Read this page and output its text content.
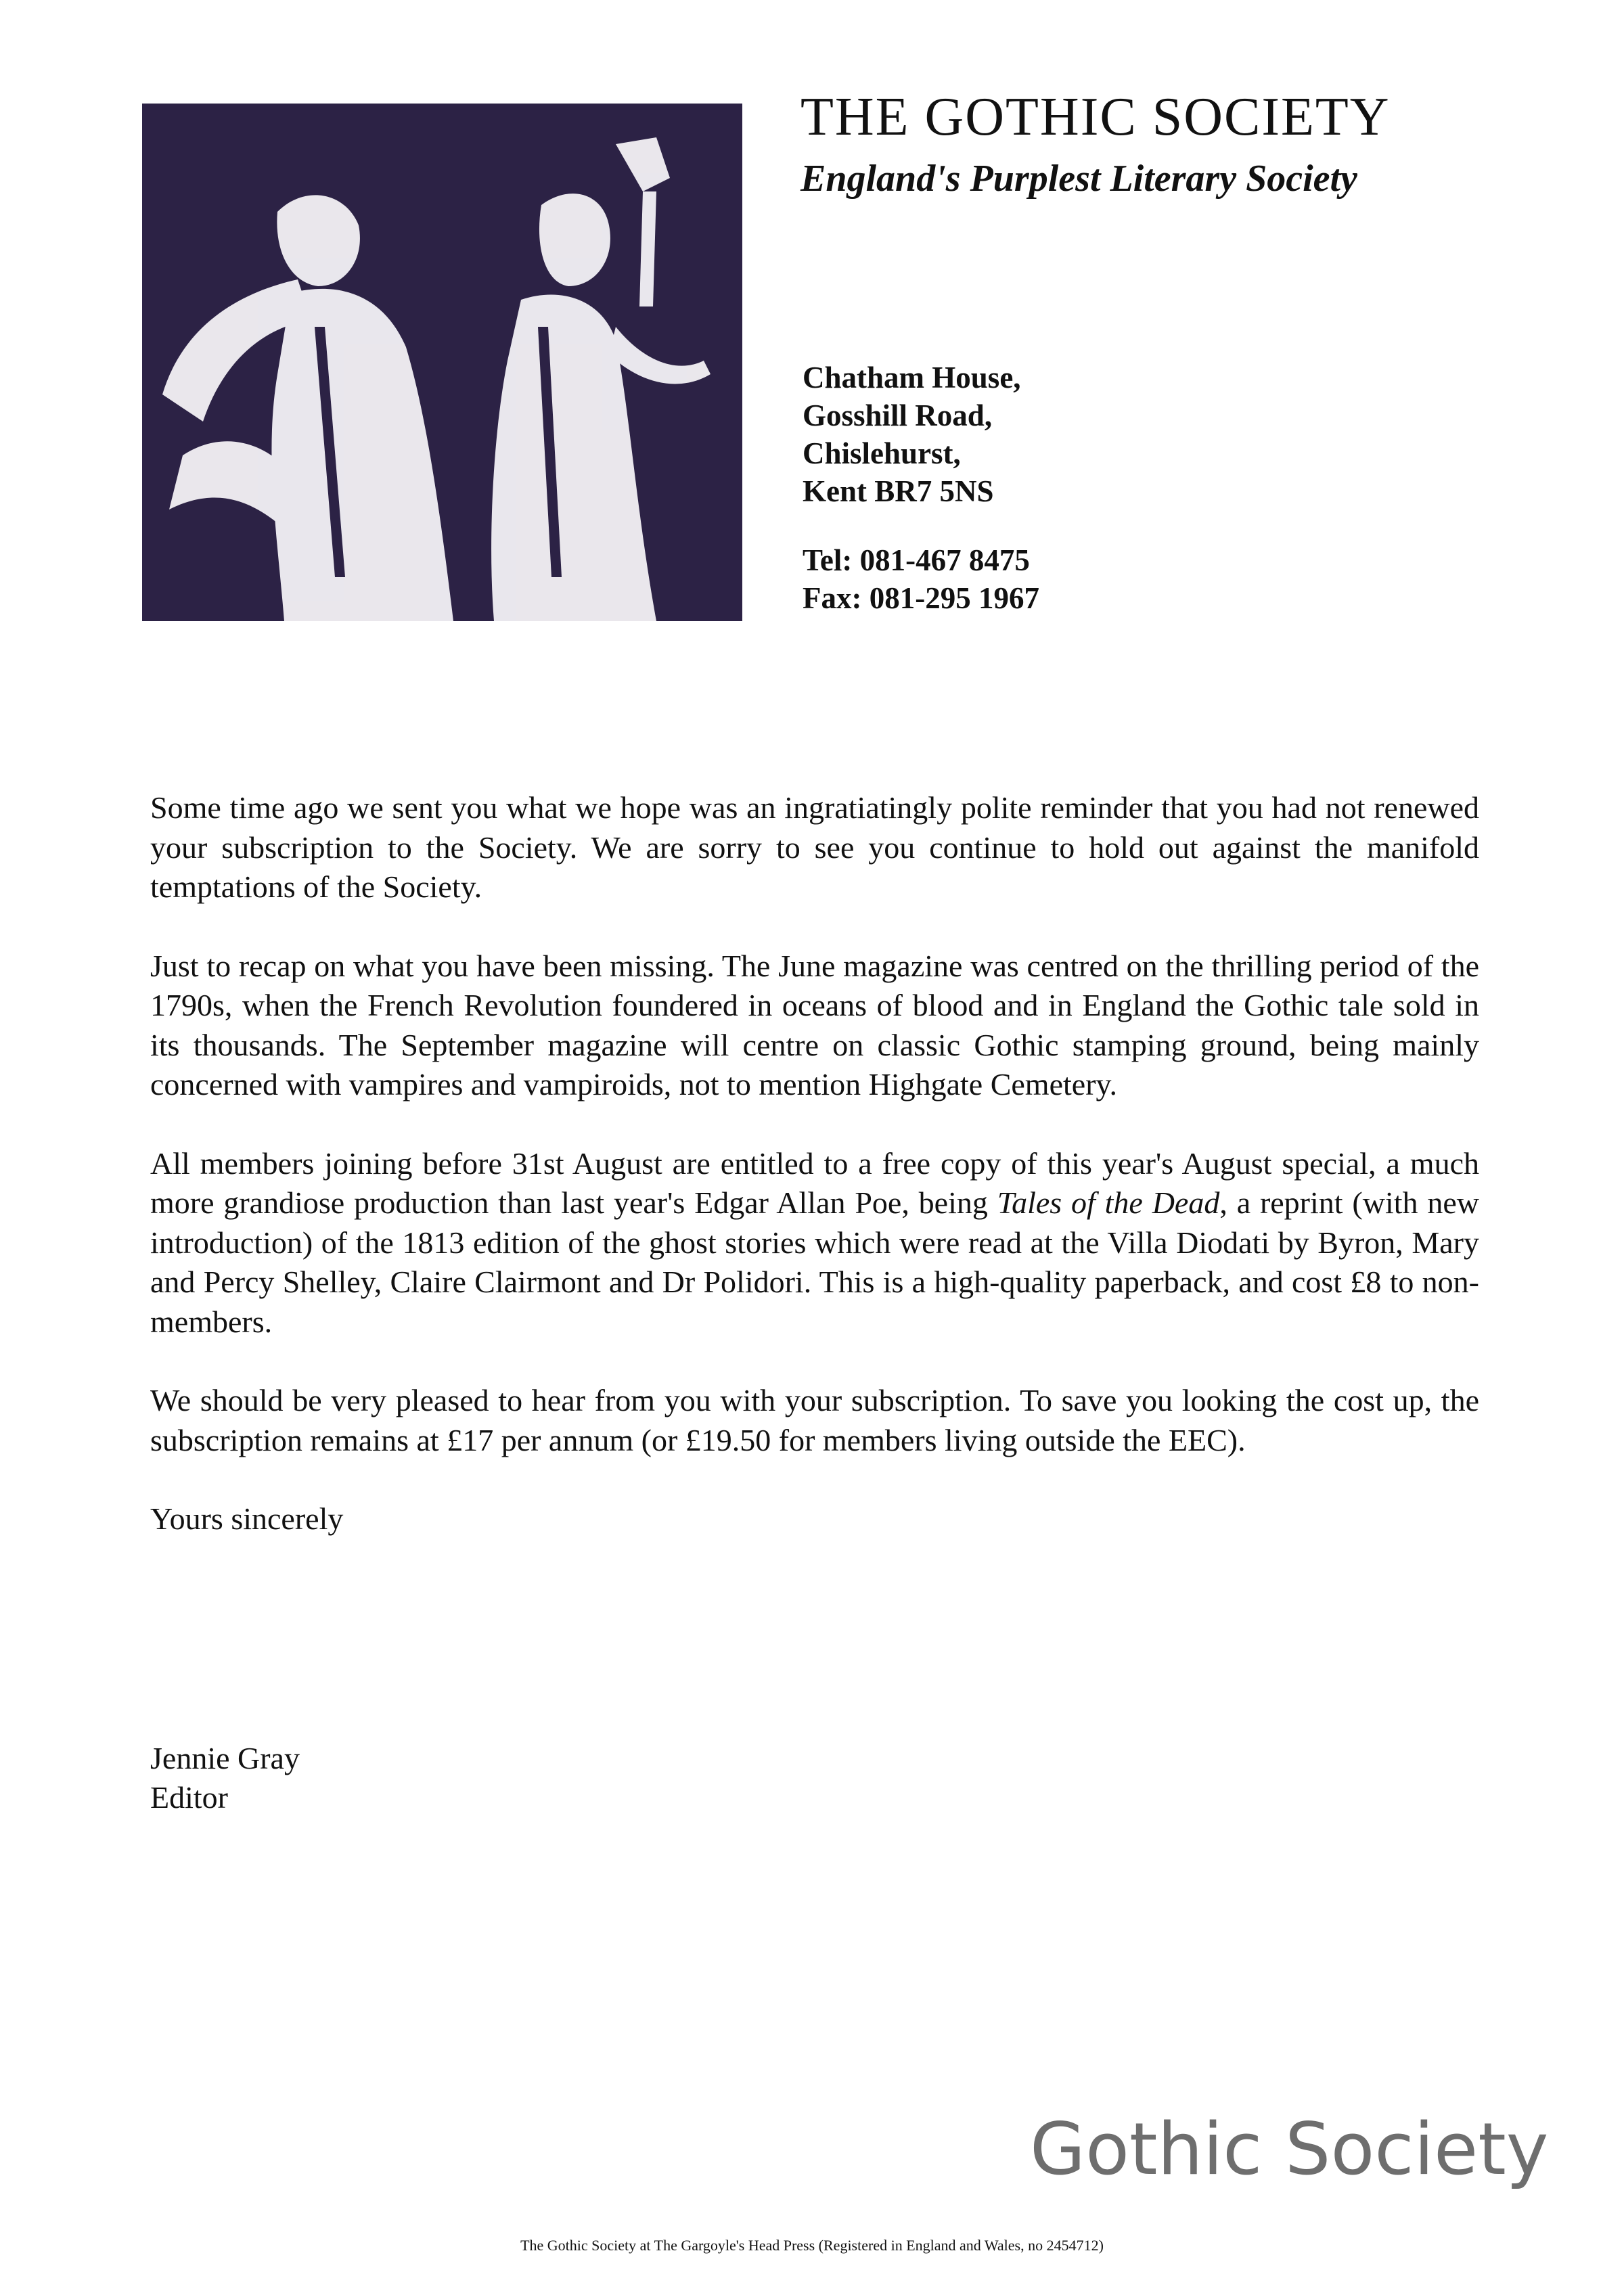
THE GOTHIC SOCIETY
England's Purplest Literary Society
Chatham House,
Gosshill Road,
Chislehurst,
Kent BR7 5NS
Tel: 081-467 8475
Fax: 081-295 1967

Some time ago we sent you what we hope was an ingratiatingly polite reminder that you had not renewed your subscription to the Society. We are sorry to see you continue to hold out against the manifold temptations of the Society.

Just to recap on what you have been missing. The June magazine was centred on the thrilling period of the 1790s, when the French Revolution foundered in oceans of blood and in England the Gothic tale sold in its thousands. The September magazine will centre on classic Gothic stamping ground, being mainly concerned with vampires and vampiroids, not to mention Highgate Cemetery.

All members joining before 31st August are entitled to a free copy of this year's August special, a much more grandiose production than last year's Edgar Allan Poe, being Tales of the Dead, a reprint (with new introduction) of the 1813 edition of the ghost stories which were read at the Villa Diodati by Byron, Mary and Percy Shelley, Claire Clairmont and Dr Polidori. This is a high-quality paperback, and cost £8 to non-members.

We should be very pleased to hear from you with your subscription. To save you looking the cost up, the subscription remains at £17 per annum (or £19.50 for members living outside the EEC).

Yours sincerely

Jennie Gray
Editor
Gothic Society
The Gothic Society at The Gargoyle's Head Press (Registered in England and Wales, no 2454712)
